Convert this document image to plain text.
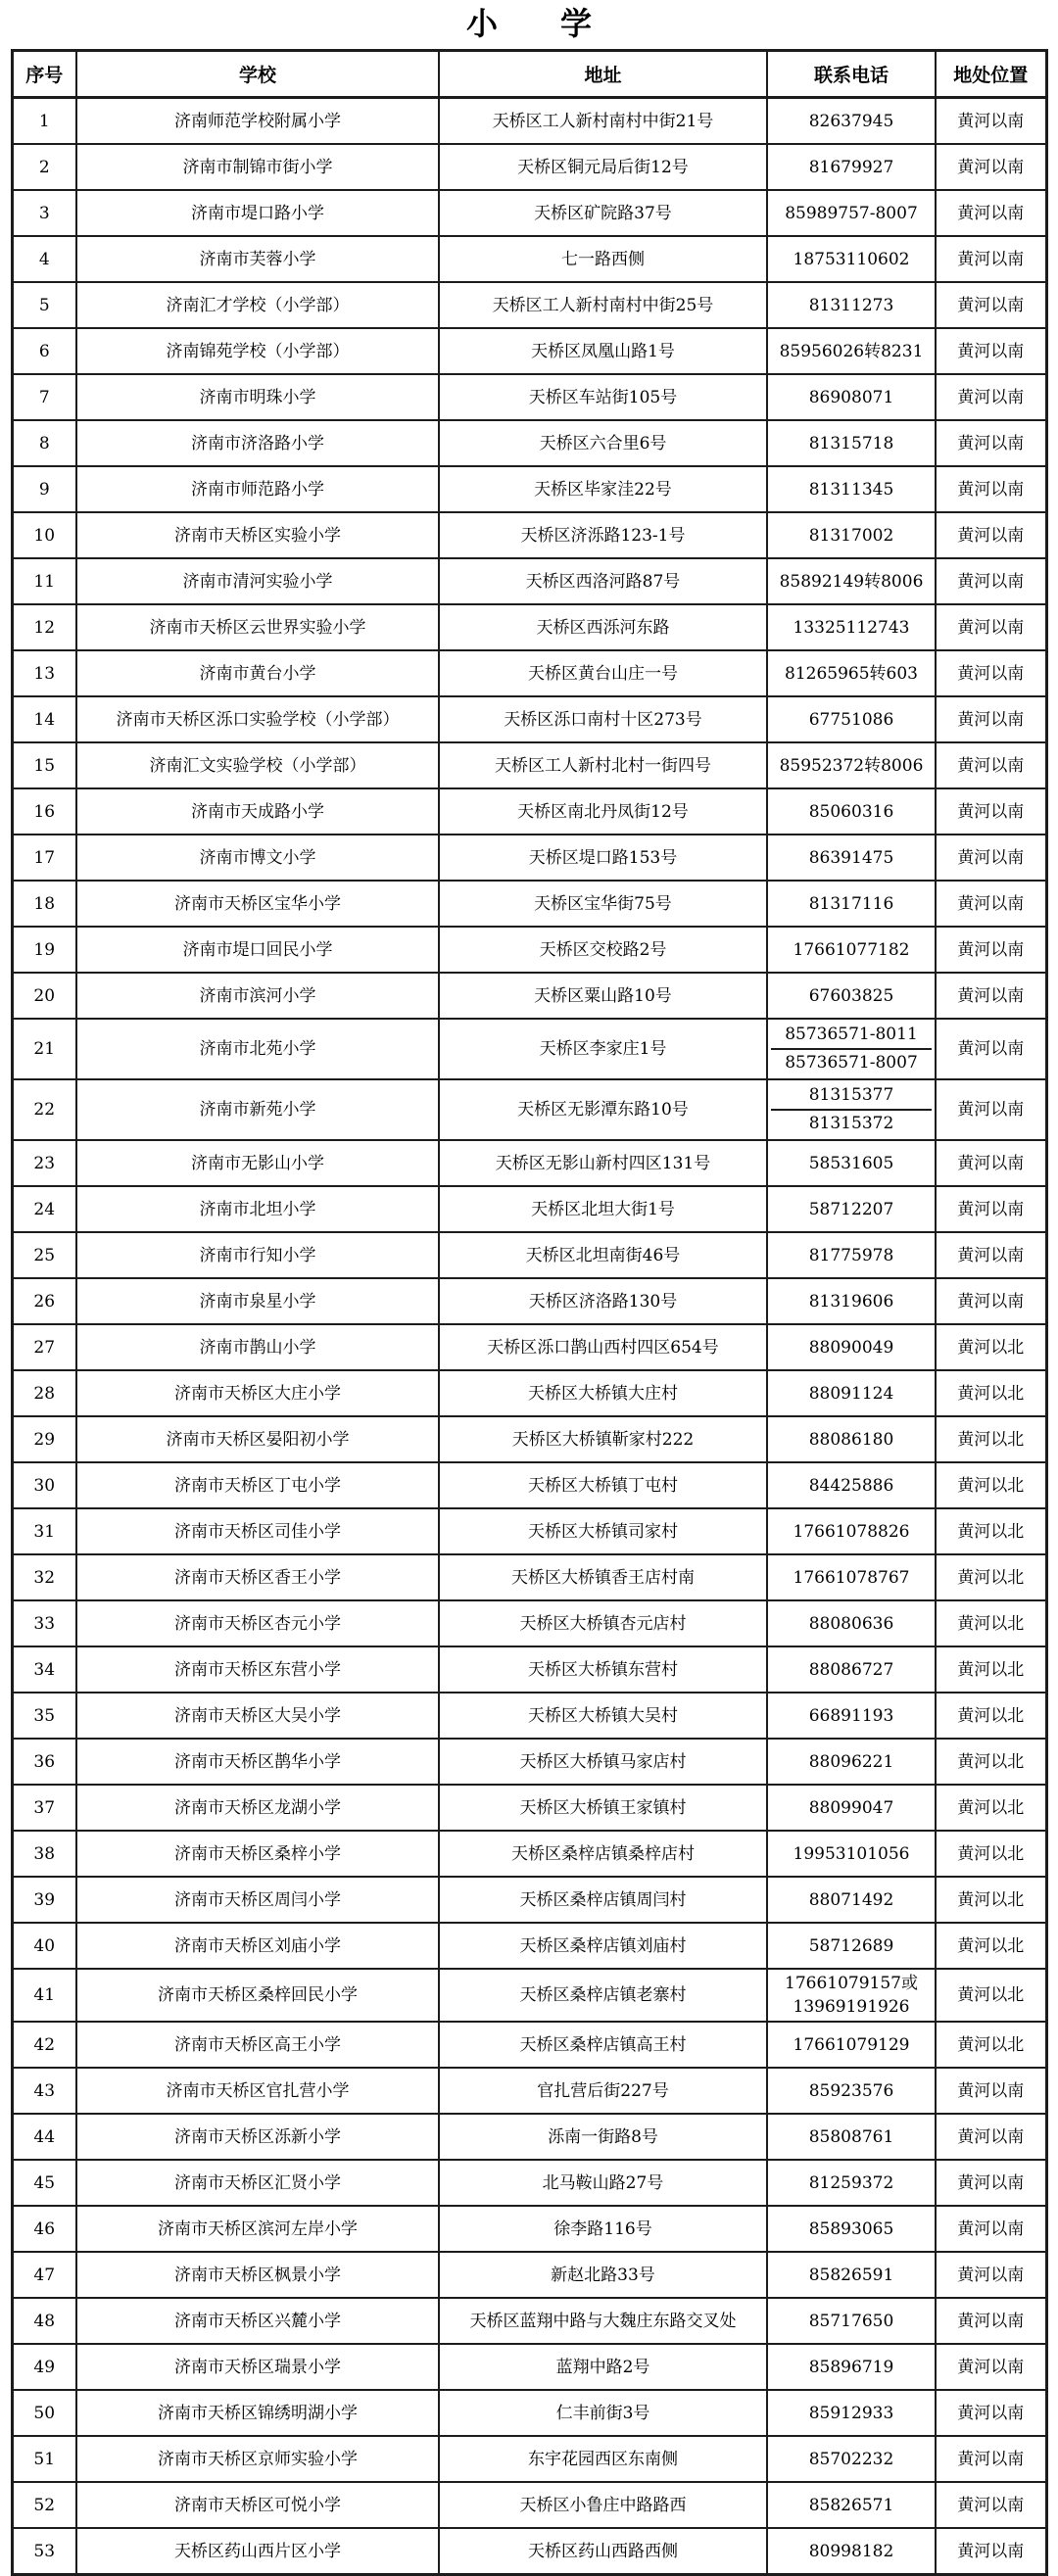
小　　学
序号	学校	地址	联系电话	地处位置
1	济南师范学校附属小学	天桥区工人新村南村中街21号	82637945	黄河以南
2	济南市制锦市街小学	天桥区铜元局后街12号	81679927	黄河以南
3	济南市堤口路小学	天桥区矿院路37号	85989757-8007	黄河以南
4	济南市芙蓉小学	七一路西侧	18753110602	黄河以南
5	济南汇才学校（小学部）	天桥区工人新村南村中街25号	81311273	黄河以南
6	济南锦苑学校（小学部）	天桥区凤凰山路1号	85956026转8231	黄河以南
7	济南市明珠小学	天桥区车站街105号	86908071	黄河以南
8	济南市济洛路小学	天桥区六合里6号	81315718	黄河以南
9	济南市师范路小学	天桥区毕家洼22号	81311345	黄河以南
10	济南市天桥区实验小学	天桥区济泺路123-1号	81317002	黄河以南
11	济南市清河实验小学	天桥区西洛河路87号	85892149转8006	黄河以南
12	济南市天桥区云世界实验小学	天桥区西泺河东路	13325112743	黄河以南
13	济南市黄台小学	天桥区黄台山庄一号	81265965转603	黄河以南
14	济南市天桥区泺口实验学校（小学部）	天桥区泺口南村十区273号	67751086	黄河以南
15	济南汇文实验学校（小学部）	天桥区工人新村北村一街四号	85952372转8006	黄河以南
16	济南市天成路小学	天桥区南北丹凤街12号	85060316	黄河以南
17	济南市博文小学	天桥区堤口路153号	86391475	黄河以南
18	济南市天桥区宝华小学	天桥区宝华街75号	81317116	黄河以南
19	济南市堤口回民小学	天桥区交校路2号	17661077182	黄河以南
20	济南市滨河小学	天桥区粟山路10号	67603825	黄河以南
21	济南市北苑小学	天桥区李家庄1号	85736571-8011
85736571-8007	黄河以南
22	济南市新苑小学	天桥区无影潭东路10号	81315377
81315372	黄河以南
23	济南市无影山小学	天桥区无影山新村四区131号	58531605	黄河以南
24	济南市北坦小学	天桥区北坦大街1号	58712207	黄河以南
25	济南市行知小学	天桥区北坦南街46号	81775978	黄河以南
26	济南市泉星小学	天桥区济洛路130号	81319606	黄河以南
27	济南市鹊山小学	天桥区泺口鹊山西村四区654号	88090049	黄河以北
28	济南市天桥区大庄小学	天桥区大桥镇大庄村	88091124	黄河以北
29	济南市天桥区晏阳初小学	天桥区大桥镇靳家村222	88086180	黄河以北
30	济南市天桥区丁屯小学	天桥区大桥镇丁屯村	84425886	黄河以北
31	济南市天桥区司佳小学	天桥区大桥镇司家村	17661078826	黄河以北
32	济南市天桥区香王小学	天桥区大桥镇香王店村南	17661078767	黄河以北
33	济南市天桥区杏元小学	天桥区大桥镇杏元店村	88080636	黄河以北
34	济南市天桥区东营小学	天桥区大桥镇东营村	88086727	黄河以北
35	济南市天桥区大吴小学	天桥区大桥镇大吴村	66891193	黄河以北
36	济南市天桥区鹊华小学	天桥区大桥镇马家店村	88096221	黄河以北
37	济南市天桥区龙湖小学	天桥区大桥镇王家镇村	88099047	黄河以北
38	济南市天桥区桑梓小学	天桥区桑梓店镇桑梓店村	19953101056	黄河以北
39	济南市天桥区周闫小学	天桥区桑梓店镇周闫村	88071492	黄河以北
40	济南市天桥区刘庙小学	天桥区桑梓店镇刘庙村	58712689	黄河以北
41	济南市天桥区桑梓回民小学	天桥区桑梓店镇老寨村	17661079157或
13969191926	黄河以北
42	济南市天桥区高王小学	天桥区桑梓店镇高王村	17661079129	黄河以北
43	济南市天桥区官扎营小学	官扎营后街227号	85923576	黄河以南
44	济南市天桥区泺新小学	泺南一街路8号	85808761	黄河以南
45	济南市天桥区汇贤小学	北马鞍山路27号	81259372	黄河以南
46	济南市天桥区滨河左岸小学	徐李路116号	85893065	黄河以南
47	济南市天桥区枫景小学	新赵北路33号	85826591	黄河以南
48	济南市天桥区兴麓小学	天桥区蓝翔中路与大魏庄东路交叉处	85717650	黄河以南
49	济南市天桥区瑞景小学	蓝翔中路2号	85896719	黄河以南
50	济南市天桥区锦绣明湖小学	仁丰前街3号	85912933	黄河以南
51	济南市天桥区京师实验小学	东宇花园西区东南侧	85702232	黄河以南
52	济南市天桥区可悦小学	天桥区小鲁庄中路路西	85826571	黄河以南
53	天桥区药山西片区小学	天桥区药山西路西侧	80998182	黄河以南
